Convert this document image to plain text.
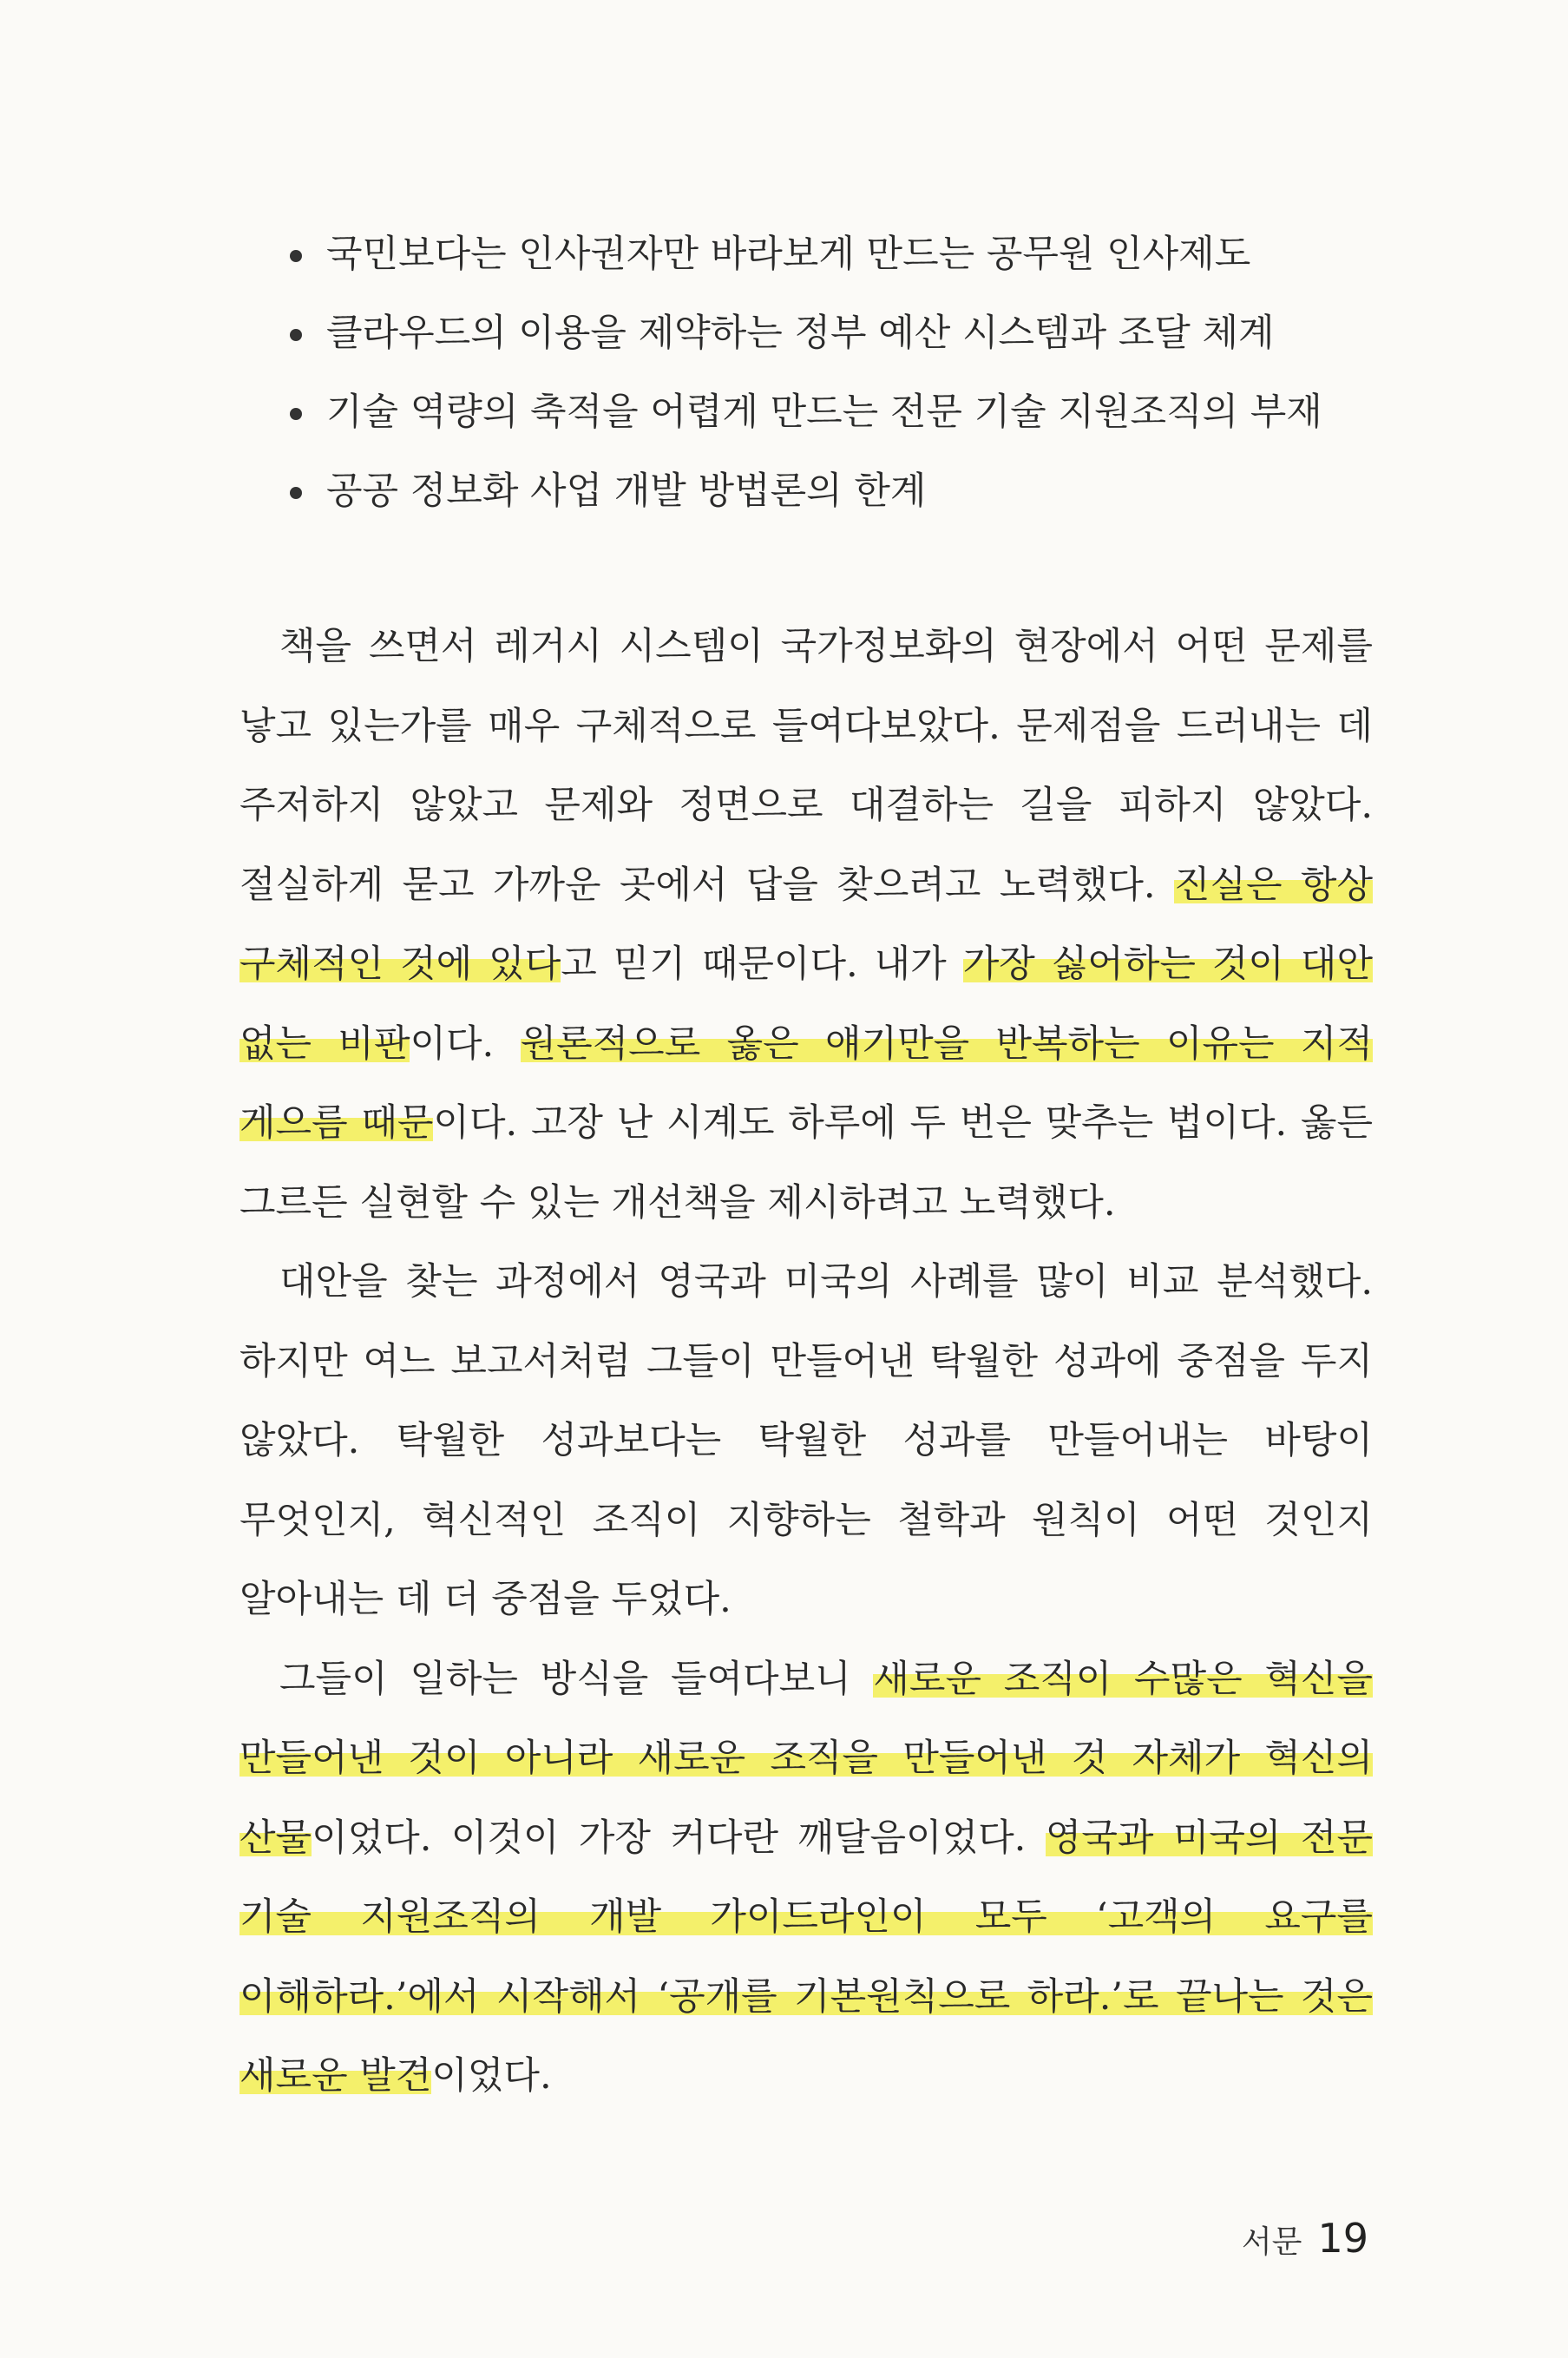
국민보다는 인사권자만 바라보게 만드는 공무원 인사제도
클라우드의 이용을 제약하는 정부 예산 시스템과 조달 체계
기술 역량의 축적을 어렵게 만드는 전문 기술 지원조직의 부재
공공 정보화 사업 개발 방법론의 한계

책을 쓰면서 레거시 시스템이 국가정보화의 현장에서 어떤 문제를 낳고 있는가를 매우 구체적으로 들여다보았다. 문제점을 드러내는 데 주저하지 않았고 문제와 정면으로 대결하는 길을 피하지 않았다. 절실하게 묻고 가까운 곳에서 답을 찾으려고 노력했다. 진실은 항상 구체적인 것에 있다고 믿기 때문이다. 내가 가장 싫어하는 것이 대안 없는 비판이다. 원론적으로 옳은 얘기만을 반복하는 이유는 지적 게으름 때문이다. 고장 난 시계도 하루에 두 번은 맞추는 법이다. 옳든 그르든 실현할 수 있는 개선책을 제시하려고 노력했다.

대안을 찾는 과정에서 영국과 미국의 사례를 많이 비교 분석했다. 하지만 여느 보고서처럼 그들이 만들어낸 탁월한 성과에 중점을 두지 않았다. 탁월한 성과보다는 탁월한 성과를 만들어내는 바탕이 무엇인지, 혁신적인 조직이 지향하는 철학과 원칙이 어떤 것인지 알아내는 데 더 중점을 두었다.

그들이 일하는 방식을 들여다보니 새로운 조직이 수많은 혁신을 만들어낸 것이 아니라 새로운 조직을 만들어낸 것 자체가 혁신의 산물이었다. 이것이 가장 커다란 깨달음이었다. 영국과 미국의 전문 기술 지원조직의 개발 가이드라인이 모두 ‘고객의 요구를 이해하라.’에서 시작해서 ‘공개를 기본원칙으로 하라.’로 끝나는 것은 새로운 발견이었다.

서문 19
